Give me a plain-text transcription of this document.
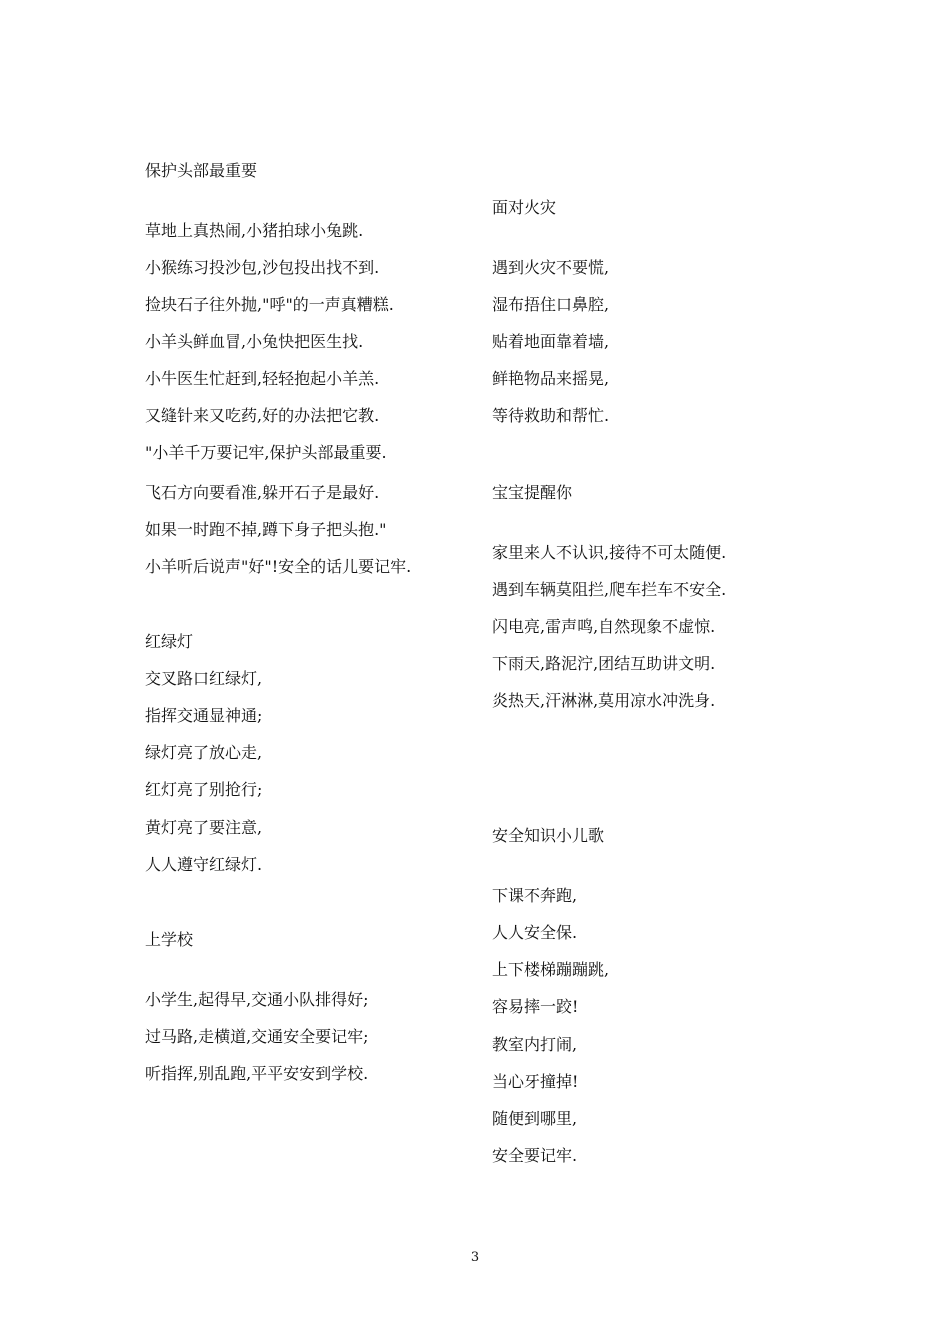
保护头部最重要
草地上真热闹,小猪拍球小兔跳.
小猴练习投沙包,沙包投出找不到.
捡块石子往外抛,"呼"的一声真糟糕.
小羊头鲜血冒,小兔快把医生找.
小牛医生忙赶到,轻轻抱起小羊羔.
又缝针来又吃药,好的办法把它教.
"小羊千万要记牢,保护头部最重要.
飞石方向要看准,躲开石子是最好.
如果一时跑不掉,蹲下身子把头抱."
小羊听后说声"好"!安全的话儿要记牢.
红绿灯
交叉路口红绿灯,
指挥交通显神通;
绿灯亮了放心走,
红灯亮了别抢行;
黄灯亮了要注意,
人人遵守红绿灯.
上学校
小学生,起得早,交通小队排得好;
过马路,走横道,交通安全要记牢;
听指挥,别乱跑,平平安安到学校.
面对火灾
遇到火灾不要慌,
湿布捂住口鼻腔,
贴着地面靠着墙,
鲜艳物品来摇晃,
等待救助和帮忙.
宝宝提醒你
家里来人不认识,接待不可太随便.
遇到车辆莫阻拦,爬车拦车不安全.
闪电亮,雷声鸣,自然现象不虚惊.
下雨天,路泥泞,团结互助讲文明.
炎热天,汗淋淋,莫用凉水冲洗身.
安全知识小儿歌
下课不奔跑,
人人安全保.
上下楼梯蹦蹦跳,
容易摔一跤!
教室内打闹,
当心牙撞掉!
随便到哪里,
安全要记牢.
3
